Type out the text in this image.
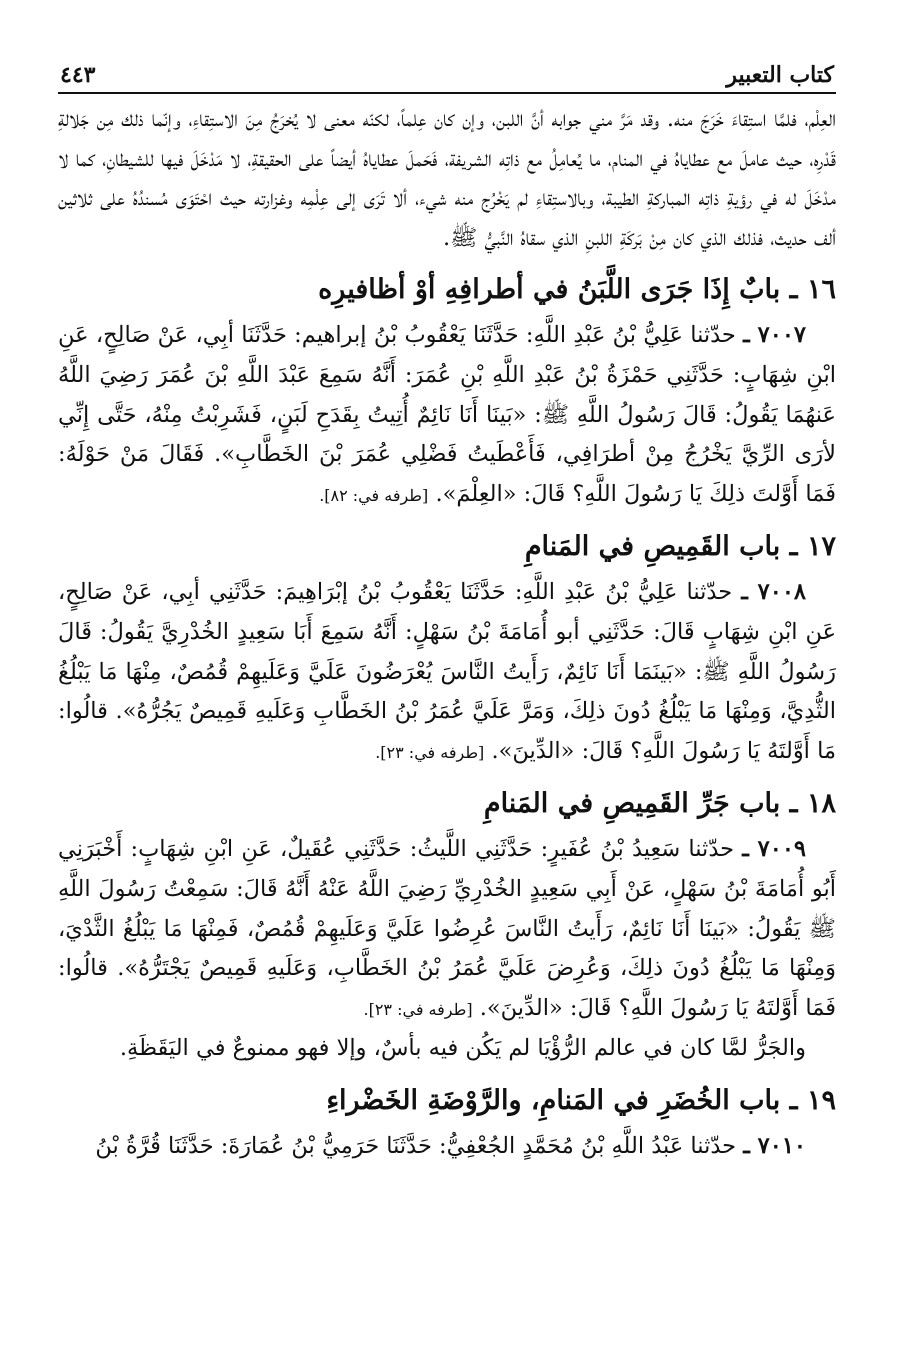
كتاب التعبير
٤٤٣

العِلْم، فلمَّا استِقاءَ خَرَجَ منه. وقد مَرَّ مني جوابه أنَّ اللبن، وإن كان عِلماً، لكنّه معنى لا يُخرَجُ مِنَ الاستِقاءِ، وإنّما ذلك مِن جَلالةِ قَدْرِه، حيث عاملَ مع عطاياهُ في المنام، ما يُعامِلُ مع ذاتِه الشريفة، فَحَملَ عطاياهُ أيضاً على الحقيقةِ، لا مَدْخَلَ فيها للشيطانِ، كما لا مدْخَلَ له في رؤيةِ ذاتِه المباركةِ الطيبة، وبالاستِقاءِ لم يَخْرُج منه شيء، ألا تَرَى إلى عِلْمِه وغزارته حيث احْتَوَى مُسندُهُ على ثلاثين ألف حديث، فذلك الذي كان مِنْ بَركَةِ اللبنِ الذي سقاهُ النَّبيُّ ﷺ.

١٦ ـ بابٌ إِذَا جَرَى اللَّبَنُ في أطرافِهِ أوْ أظافيرِه

٧٠٠٧ ـ حدّثنا عَلِيُّ بْنُ عَبْدِ اللَّهِ: حَدَّثَنَا يَعْقُوبُ بْنُ إبراهيم: حَدَّثَنَا أبِي، عَنْ صَالِحٍ، عَنِ ابْنِ شِهَابٍ: حَدَّثَنِي حَمْزَةُ بْنُ عَبْدِ اللَّهِ بْنِ عُمَرَ: أَنَّهُ سَمِعَ عَبْدَ اللَّهِ بْنَ عُمَرَ رَضِيَ اللَّهُ عَنهُمَا يَقُولُ: قَالَ رَسُولُ اللَّهِ ﷺ: «بَينَا أَنَا نَائِمٌ أُتِيتُ بِقَدَحِ لَبَنٍ، فَشَرِبْتُ مِنْهُ، حَتَّى إِنِّي لأرَى الرِّيَّ يَخْرُجُ مِنْ أطرَافِي، فَأَعْطَيتُ فَضْلِي عُمَرَ بْنَ الخَطَّابِ». فَقَالَ مَنْ حَوْلَهُ: فَمَا أَوَّلتَ ذلِكَ يَا رَسُولَ اللَّهِ؟ قَالَ: «العِلْمَ». [طرفه في: ٨٢].

١٧ ـ باب القَمِيصِ في المَنامِ

٧٠٠٨ ـ حدّثنا عَلِيُّ بْنُ عَبْدِ اللَّهِ: حَدَّثَنَا يَعْقُوبُ بْنُ إبْرَاهِيمَ: حَدَّثَنِي أبِي، عَنْ صَالِحٍ، عَنِ ابْنِ شِهَابٍ قَالَ: حَدَّثَنِي أبو أُمَامَةَ بْنُ سَهْلٍ: أَنَّهُ سَمِعَ أَبَا سَعِيدٍ الخُدْرِيَّ يَقُولُ: قَالَ رَسُولُ اللَّهِ ﷺ: «بَينَمَا أَنَا نَائِمٌ، رَأَيتُ النَّاسَ يُعْرَضُونَ عَلَيَّ وَعَلَيهِمْ قُمُصٌ، مِنْهَا مَا يَبْلُغُ الثُّدِيَّ، وَمِنْهَا مَا يَبْلُغُ دُونَ ذلِكَ، وَمَرَّ عَلَيَّ عُمَرُ بْنُ الخَطَّابِ وَعَلَيهِ قَمِيصٌ يَجُرُّهُ». قالُوا: مَا أَوَّلتَهُ يَا رَسُولَ اللَّهِ؟ قَالَ: «الدِّينَ». [طرفه في: ٢٣].

١٨ ـ باب جَرِّ القَمِيصِ في المَنامِ

٧٠٠٩ ـ حدّثنا سَعِيدُ بْنُ عُفَيرٍ: حَدَّثَنِي اللَّيثُ: حَدَّثَنِي عُقَيلٌ، عَنِ ابْنِ شِهَابٍ: أَخْبَرَنِي أَبُو أُمَامَةَ بْنُ سَهْلٍ، عَنْ أَبِي سَعِيدٍ الخُدْرِيِّ رَضِيَ اللَّهُ عَنْهُ أَنَّهُ قَالَ: سَمِعْتُ رَسُولَ اللَّهِ ﷺ يَقُولُ: «بَينَا أَنَا نَائِمٌ، رَأَيتُ النَّاسَ عُرِضُوا عَلَيَّ وَعَلَيهِمْ قُمُصٌ، فَمِنْهَا مَا يَبْلُغُ الثَّدْيَ، وَمِنْهَا مَا يَبْلُغُ دُونَ ذلِكَ، وَعُرِضَ عَلَيَّ عُمَرُ بْنُ الخَطَّابِ، وَعَلَيهِ قَمِيصٌ يَجْتَرُّهُ». قالُوا: فَمَا أَوَّلتَهُ يَا رَسُولَ اللَّهِ؟ قَالَ: «الدِّينَ». [طرفه في: ٢٣].

والجَرُّ لمَّا كان في عالم الرُّؤْيَا لم يَكُن فيه بأسٌ، وإلا فهو ممنوعٌ في اليَقَظَةِ.

١٩ ـ باب الخُضَرِ في المَنامِ، والرَّوْضَةِ الخَضْراءِ

٧٠١٠ ـ حدّثنا عَبْدُ اللَّهِ بْنُ مُحَمَّدٍ الجُعْفِيُّ: حَدَّثَنَا حَرَمِيُّ بْنُ عُمَارَةَ: حَدَّثَنَا قُرَّةُ بْنُ
